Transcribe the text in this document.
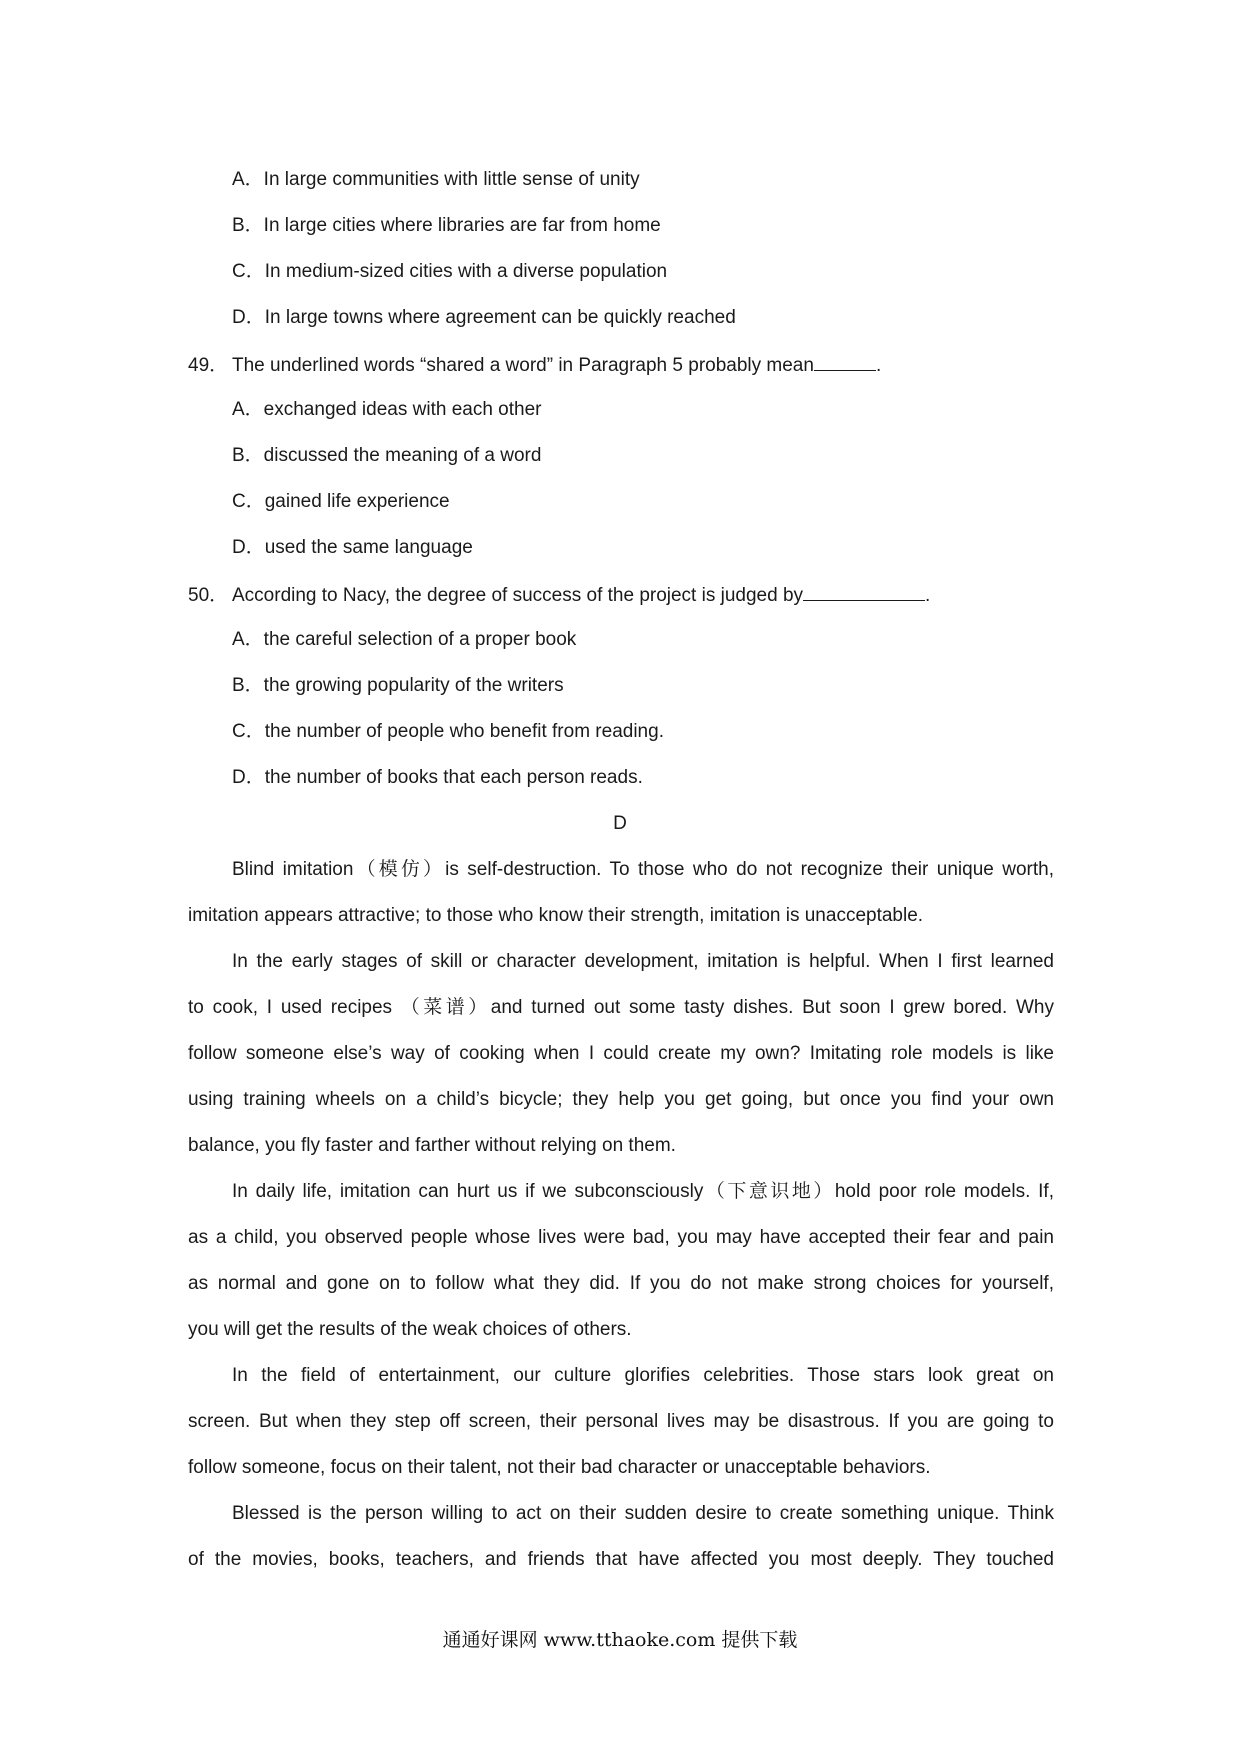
A．In large communities with little sense of unity
B．In large cities where libraries are far from home
C．In medium-sized cities with a diverse population
D．In large towns where agreement can be quickly reached
49． The underlined words “shared a word” in Paragraph 5 probably mean	.
A．exchanged ideas with each other
B．discussed the meaning of a word
C．gained life experience
D．used the same language
50． According to Nacy, the degree of success of the project is judged by	.
A．the careful selection of a proper book
B．the growing popularity of the writers
C．the number of people who benefit from reading.
D．the number of books that each person reads.
D
Blind imitation（模仿）is self-destruction. To those who do not recognize their unique worth,
imitation appears attractive; to those who know their strength, imitation is unacceptable.
In the early stages of skill or character development, imitation is helpful. When I first learned
to cook, I used recipes （菜谱）and turned out some tasty dishes. But soon I grew bored. Why
follow someone else’s way of cooking when I could create my own? Imitating role models is like
using training wheels on a child’s bicycle; they help you get going, but once you find your own
balance, you fly faster and farther without relying on them.
In daily life, imitation can hurt us if we subconsciously（下意识地）hold poor role models. If,
as a child, you observed people whose lives were bad, you may have accepted their fear and pain
as normal and gone on to follow what they did. If you do not make strong choices for yourself,
you will get the results of the weak choices of others.
In the field of entertainment, our culture glorifies celebrities. Those stars look great on
screen. But when they step off screen, their personal lives may be disastrous. If you are going to
follow someone, focus on their talent, not their bad character or unacceptable behaviors.
Blessed is the person willing to act on their sudden desire to create something unique. Think
of the movies, books, teachers, and friends that have affected you most deeply. They touched
通通好课网 www.tthaoke.com 提供下载
